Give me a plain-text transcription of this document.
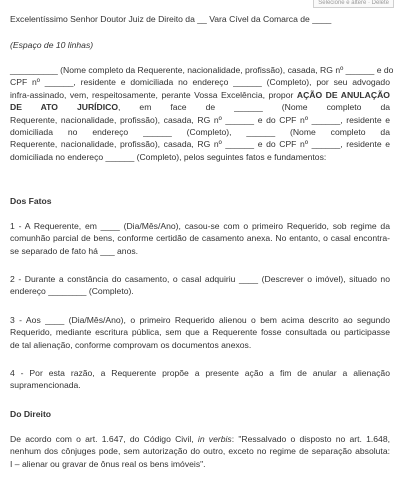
Selecione e altere · Delete
Excelentíssimo Senhor Doutor Juiz de Direito da __ Vara Cível da Comarca de ____
(Espaço de 10 linhas)
__________ (Nome completo da Requerente, nacionalidade, profissão), casada, RG nº ______ e do
CPF nº ______, residente e domiciliada no endereço ______ (Completo), por seu advogado
infra-assinado, vem, respeitosamente, perante Vossa Excelência, propor AÇÃO DE ANULAÇÃO
DE ATO JURÍDICO, em face de ______ (Nome completo da
Requerente, nacionalidade, profissão), casada, RG nº ______ e do CPF nº ______, residente e
domiciliada no endereço ______ (Completo), ______ (Nome completo da
Requerente, nacionalidade, profissão), casada, RG nº ______ e do CPF nº ______, residente e
domiciliada no endereço ______ (Completo), pelos seguintes fatos e fundamentos:
Dos Fatos
1 - A Requerente, em ____ (Dia/Mês/Ano), casou-se com o primeiro Requerido, sob regime da
comunhão parcial de bens, conforme certidão de casamento anexa. No entanto, o casal encontra-
se separado de fato há ___ anos.
2 - Durante a constância do casamento, o casal adquiriu ____ (Descrever o imóvel), situado no
endereço ________ (Completo).
3 - Aos ____ (Dia/Mês/Ano), o primeiro Requerido alienou o bem acima descrito ao segundo
Requerido, mediante escritura pública, sem que a Requerente fosse consultada ou participasse
de tal alienação, conforme comprovam os documentos anexos.
4 - Por esta razão, a Requerente propõe a presente ação a fim de anular a alienação
supramencionada.
Do Direito
De acordo com o art. 1.647, do Código Civil, in verbis: "Ressalvado o disposto no art. 1.648,
nenhum dos cônjuges pode, sem autorização do outro, exceto no regime de separação absoluta:
I – alienar ou gravar de ônus real os bens imóveis".
